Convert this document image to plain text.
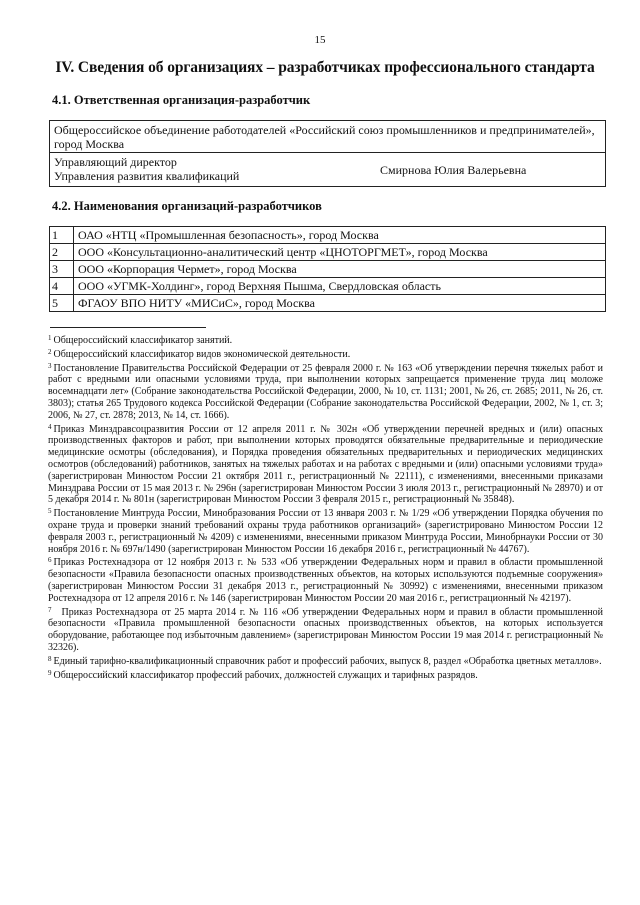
15
IV. Сведения об организациях – разработчиках профессионального стандарта
4.1. Ответственная организация-разработчик
Общероссийское объединение работодателей «Российский союз промышленников и предпринимателей», город Москва

Управляющий директор
Управления развития квалификаций	Смирнова Юлия Валерьевна
4.2. Наименования организаций-разработчиков
1	ОАО «НТЦ «Промышленная безопасность», город Москва
2	ООО «Консультационно-аналитический центр «ЦНОТОРГМЕТ», город Москва
3	ООО «Корпорация Чермет», город Москва
4	ООО «УГМК-Холдинг», город Верхняя Пышма, Свердловская область
5	ФГАОУ ВПО НИТУ «МИСиС», город Москва

$^1$ Общероссийский классификатор занятий.

$^2$ Общероссийский классификатор видов экономической деятельности.

$^3$ Постановление Правительства Российской Федерации от 25 февраля 2000 г. № 163 «Об утверждении перечня тяжелых работ и работ с вредными или опасными условиями труда, при выполнении которых запрещается применение труда лиц моложе восемнадцати лет» (Собрание законодательства Российской Федерации, 2000, № 10, ст. 1131; 2001, № 26, ст. 2685; 2011, № 26, ст. 3803); статья 265 Трудового кодекса Российской Федерации (Собрание законодательства Российской Федерации, 2002, № 1, ст. 3; 2006, № 27, ст. 2878; 2013, № 14, ст. 1666).

$^4$ Приказ Минздравсоцразвития России от 12 апреля 2011 г. № 302н «Об утверждении перечней вредных и (или) опасных производственных факторов и работ, при выполнении которых проводятся обязательные предварительные и периодические медицинские осмотры (обследования), и Порядка проведения обязательных предварительных и периодических медицинских осмотров (обследований) работников, занятых на тяжелых работах и на работах с вредными и (или) опасными условиями труда» (зарегистрирован Минюстом России 21 октября 2011 г., регистрационный № 22111), с изменениями, внесенными приказами Минздрава России от 15 мая 2013 г. № 296н (зарегистрирован Минюстом России 3 июля 2013 г., регистрационный № 28970) и от 5 декабря 2014 г. № 801н (зарегистрирован Минюстом России 3 февраля 2015 г., регистрационный № 35848).

$^5$ Постановление Минтруда России, Минобразования России от 13 января 2003 г. № 1/29 «Об утверждении Порядка обучения по охране труда и проверки знаний требований охраны труда работников организаций» (зарегистрировано Минюстом России 12 февраля 2003 г., регистрационный № 4209) с изменениями, внесенными приказом Минтруда России, Минобрнауки России от 30 ноября 2016 г. № 697н/1490 (зарегистрирован Минюстом России 16 декабря 2016 г., регистрационный № 44767).

$^6$ Приказ Ростехнадзора от 12 ноября 2013 г. № 533 «Об утверждении Федеральных норм и правил в области промышленной безопасности «Правила безопасности опасных производственных объектов, на которых используются подъемные сооружения» (зарегистрирован Минюстом России 31 декабря 2013 г., регистрационный № 30992) с изменениями, внесенными приказом Ростехнадзора от 12 апреля 2016 г. № 146 (зарегистрирован Минюстом России 20 мая 2016 г., регистрационный № 42197).

$^7$ Приказ Ростехнадзора от 25 марта 2014 г. № 116 «Об утверждении Федеральных норм и правил в области промышленной безопасности «Правила промышленной безопасности опасных производственных объектов, на которых используется оборудование, работающее под избыточным давлением» (зарегистрирован Минюстом России 19 мая 2014 г. регистрационный № 32326).

$^8$ Единый тарифно-квалификационный справочник работ и профессий рабочих, выпуск 8, раздел «Обработка цветных металлов».

$^9$ Общероссийский классификатор профессий рабочих, должностей служащих и тарифных разрядов.
